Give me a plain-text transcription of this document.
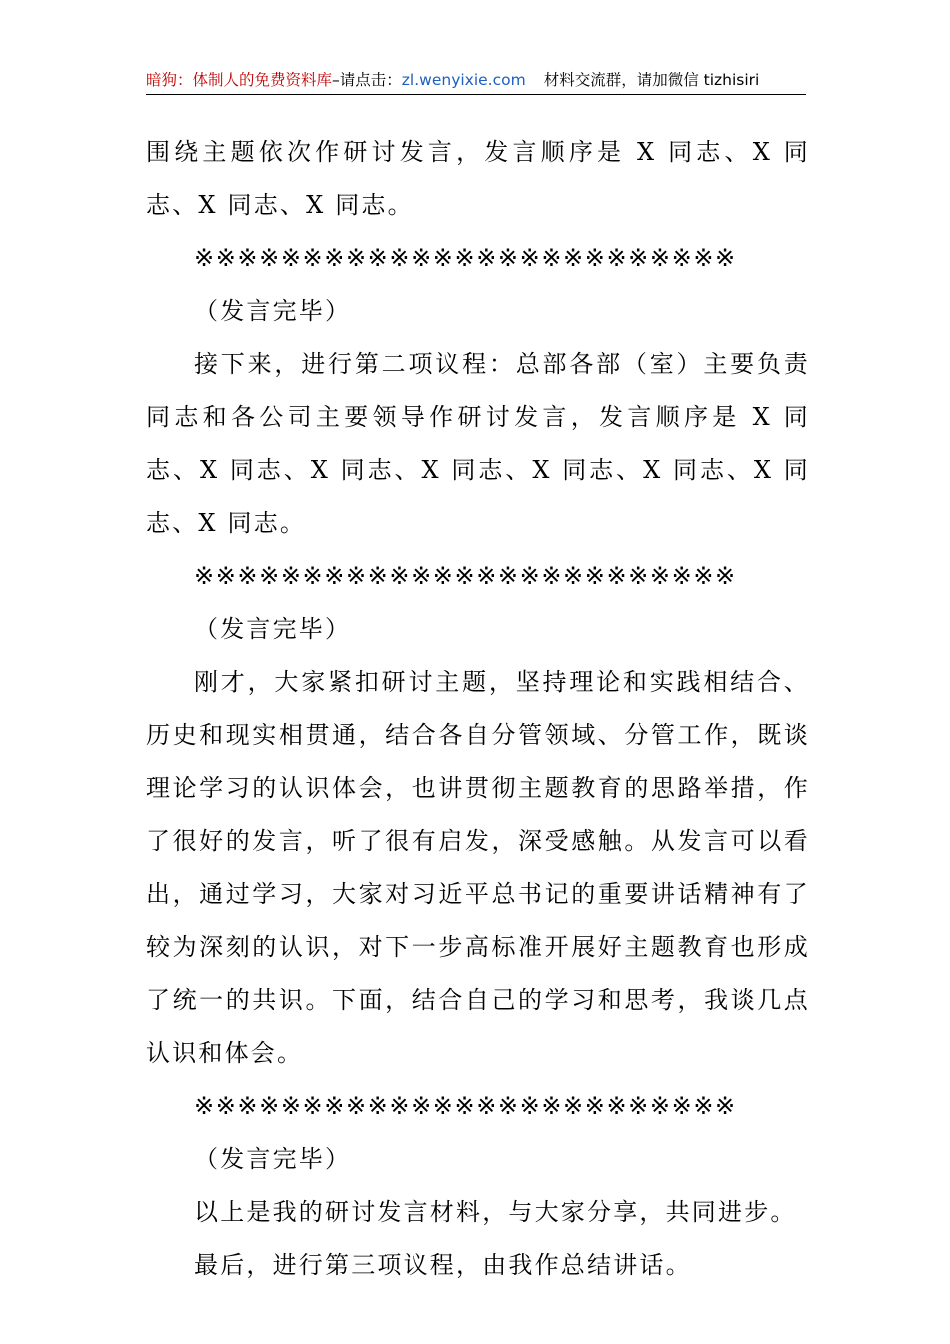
暗狗：体制人的免费资料库–请点击：zl.wenyixie.com 材料交流群，请加微信 tizhisiri

围绕主题依次作研讨发言，发言顺序是 X 同志、X 同志、X 同志、X 同志。

※※※※※※※※※※※※※※※※※※※※※※※※※

（发言完毕）

接下来，进行第二项议程：总部各部（室）主要负责同志和各公司主要领导作研讨发言，发言顺序是 X 同志、X 同志、X 同志、X 同志、X 同志、X 同志、X 同志、X 同志。

※※※※※※※※※※※※※※※※※※※※※※※※※

（发言完毕）

刚才，大家紧扣研讨主题，坚持理论和实践相结合、历史和现实相贯通，结合各自分管领域、分管工作，既谈理论学习的认识体会，也讲贯彻主题教育的思路举措，作了很好的发言，听了很有启发，深受感触。从发言可以看出，通过学习，大家对习近平总书记的重要讲话精神有了较为深刻的认识，对下一步高标准开展好主题教育也形成了统一的共识。下面，结合自己的学习和思考，我谈几点认识和体会。

※※※※※※※※※※※※※※※※※※※※※※※※※

（发言完毕）

以上是我的研讨发言材料，与大家分享，共同进步。

最后，进行第三项议程，由我作总结讲话。
